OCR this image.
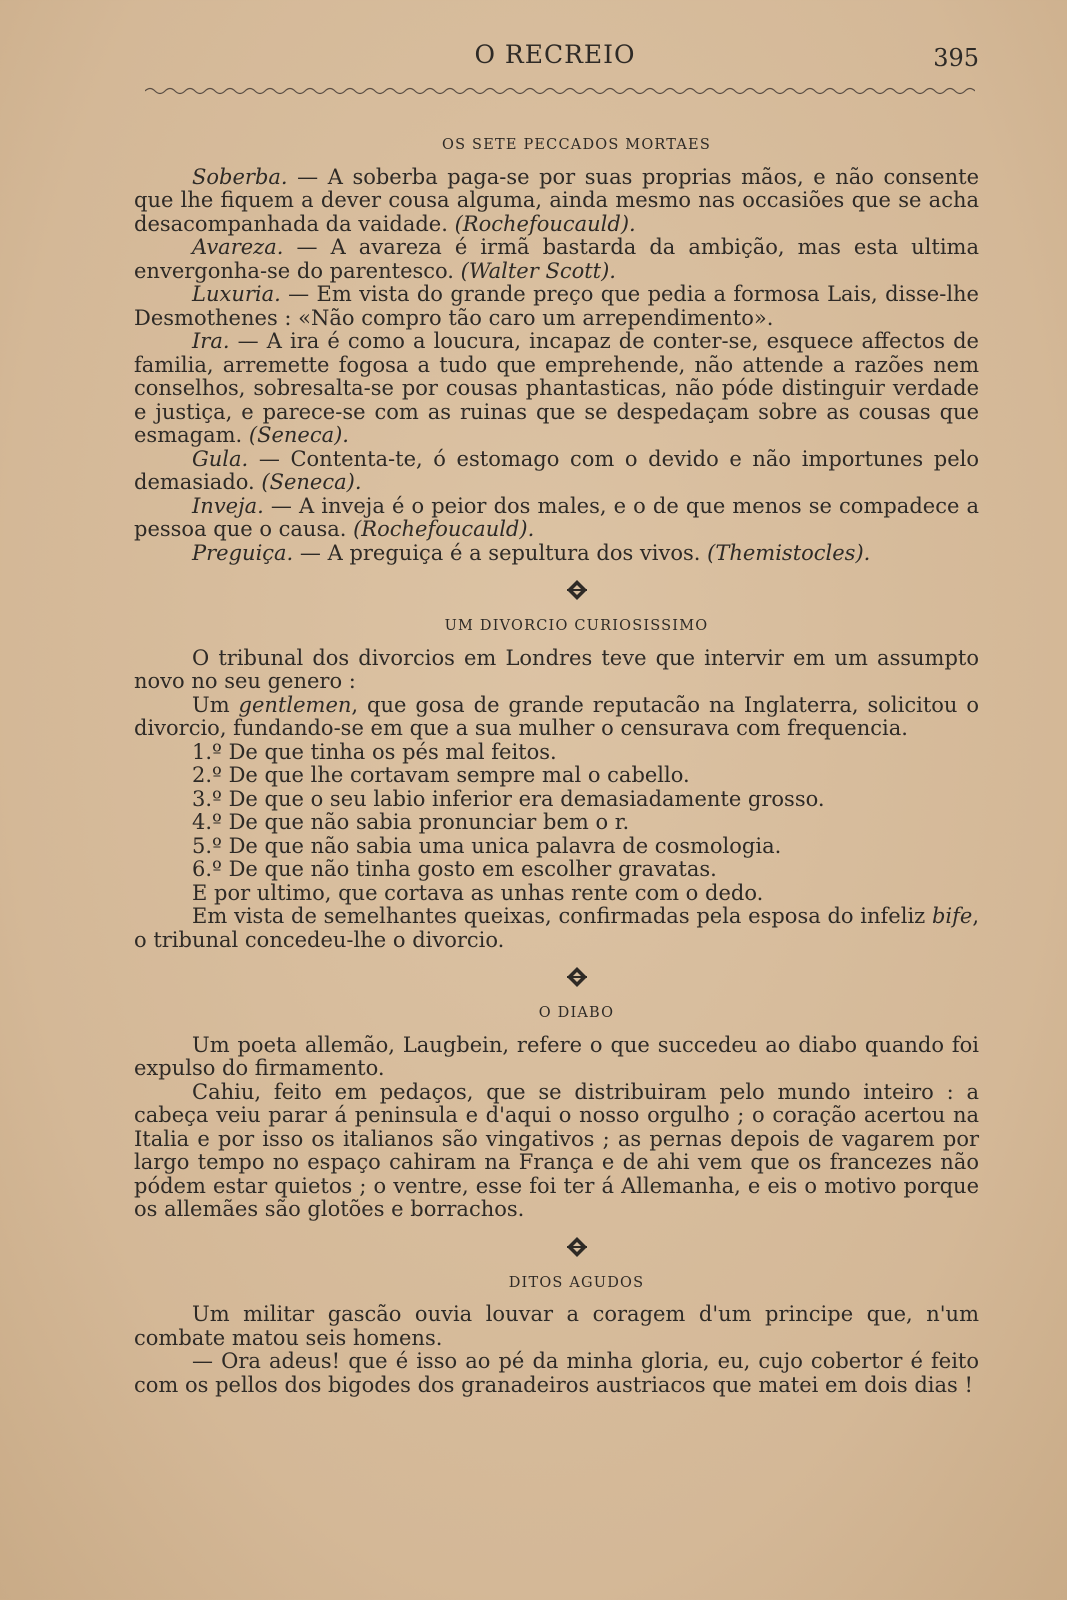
O RECREIO	395
OS SETE PECCADOS MORTAES

Soberba. — A soberba paga-se por suas proprias mãos, e não consente que lhe fiquem a dever cousa alguma, ainda mesmo nas occasiões que se acha desacompanhada da vaidade. (Rochefoucauld).

Avareza. — A avareza é irmã bastarda da ambição, mas esta ultima envergonha-se do parentesco. (Walter Scott).

Luxuria. — Em vista do grande preço que pedia a formosa Lais, disse-lhe Desmothenes : «Não compro tão caro um arrependimento».

Ira. — A ira é como a loucura, incapaz de conter-se, esquece affectos de familia, arremette fogosa a tudo que emprehende, não attende a razões nem conselhos, sobresalta-se por cousas phantasticas, não póde distinguir verdade e justiça, e parece-se com as ruinas que se despedaçam sobre as cousas que esmagam. (Seneca).

Gula. — Contenta-te, ó estomago com o devido e não importunes pelo demasiado. (Seneca).

Inveja. — A inveja é o peior dos males, e o de que menos se compadece a pessoa que o causa. (Rochefoucauld).

Preguiça. — A preguiça é a sepultura dos vivos. (Themistocles).

UM DIVORCIO CURIOSISSIMO

O tribunal dos divorcios em Londres teve que intervir em um assumpto novo no seu genero :

Um gentlemen, que gosa de grande reputacão na Inglaterra, solicitou o divorcio, fundando-se em que a sua mulher o censurava com frequencia.

1.º De que tinha os pés mal feitos.

2.º De que lhe cortavam sempre mal o cabello.

3.º De que o seu labio inferior era demasiadamente grosso.

4.º De que não sabia pronunciar bem o r.

5.º De que não sabia uma unica palavra de cosmologia.

6.º De que não tinha gosto em escolher gravatas.

E por ultimo, que cortava as unhas rente com o dedo.

Em vista de semelhantes queixas, confirmadas pela esposa do infeliz bife, o tribunal concedeu-lhe o divorcio.

O DIABO

Um poeta allemão, Laugbein, refere o que succedeu ao diabo quando foi expulso do firmamento.

Cahiu, feito em pedaços, que se distribuiram pelo mundo inteiro : a cabeça veiu parar á peninsula e d'aqui o nosso orgulho ; o coração acertou na Italia e por isso os italianos são vingativos ; as pernas depois de vagarem por largo tempo no espaço cahiram na França e de ahi vem que os francezes não pódem estar quietos ; o ventre, esse foi ter á Allemanha, e eis o motivo porque os allemães são glotões e borrachos.

DITOS AGUDOS

Um militar gascão ouvia louvar a coragem d'um principe que, n'um combate matou seis homens.

— Ora adeus! que é isso ao pé da minha gloria, eu, cujo cobertor é feito com os pellos dos bigodes dos granadeiros austriacos que matei em dois dias !
